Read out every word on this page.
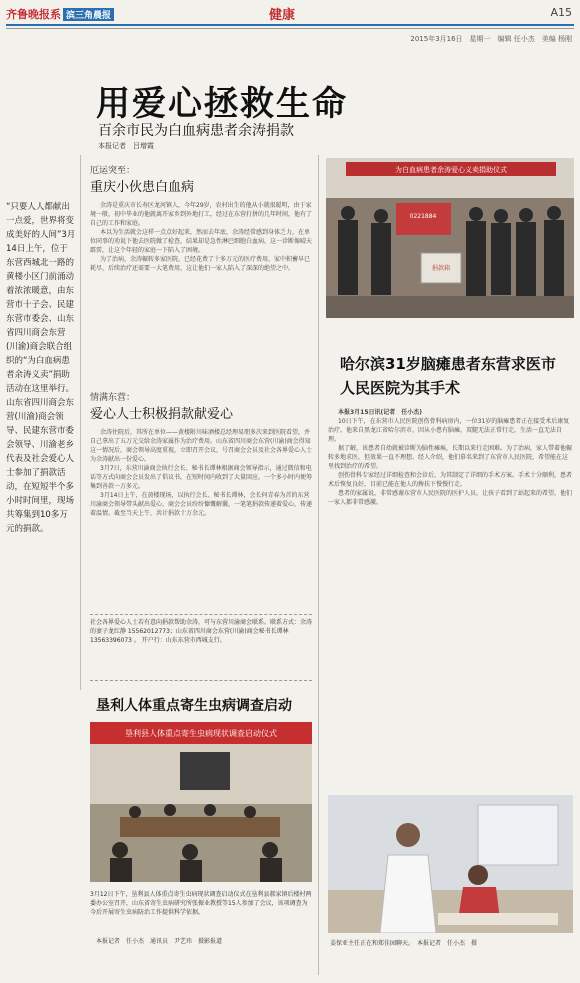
齐鲁晚报系 滨三角晨报	健康	A15
2015年3月16日　星期一　编辑 任小杰　美编 杨刚
用爱心拯救生命
百余市民为白血病患者余涛捐款
本报记者　吕增霞
“只要人人都献出一点爱，世界将变成美好的人间”3月14日上午，位于东营西城北一路的黄楼小区门前涌动着浓浓暖意，由东营市十子会、民建东营市委会、山东省四川商会东营(川渝)商会联合组织的“为白血病患者余涛义卖”捐助活动在这里举行。山东省四川商会东营(川渝)商会领导、民建东营市委会领导、川渝老乡代表及社会爱心人士参加了捐款活动，在短短半个多小时时间里，现场共筹集到10多万元的捐款。
厄运突至：
重庆小伙患白血病

余涛是重庆市长寿区龙河镇人，今年29岁，农村出生的他从小就很聪明，由于家境一般，初中毕业的他就离开家乡到外地打工，经过在东营打拼的几年时间，他有了自己的工作和家庭。

本以为生活就会这样一点点好起来，然而去年底，余涛经常感到身体乏力，在单位同事的劝说下他去医院做了检查，结果却是急性淋巴细胞白血病。这一诊断像晴天霹雳，让这个年轻的家庭一下陷入了困境。

为了治病，余涛辗转多家医院，已经花费了十多万元的医疗费用，家中积蓄早已耗尽，后续治疗还需要一大笔费用，这让他们一家人陷入了深深的绝望之中。

情满东营：
爱心人士积极捐款献爱心

余涛住院后，其所在单位——黄楼附川味酒楼总经理易朋多次来到医院看望，并自己拿出了五万元交给余涛家属作为治疗费用。山东省四川商会东营(川渝)商会得知这一情况后，商会领导高度重视，立即召开会议，号召商会会员及社会各界爱心人士为余涛献出一份爱心。

3月7日，东营川渝商会执行会长、秘书长谭林根据商会领导指示，通过微信和电话等方式向商会会员发出了倡议书，在短时间内收到了大量回应，一个多小时内便筹集到善款一万多元。

3月14日上午，在黄楼现场，以执行会长、秘书长谭林，会长何青春为首的东营川渝商会领导带头献出爱心，商会会员纷纷慷慨解囊，一笔笔捐款传递着爱心，传递着温情。截至当天上午，共计捐款十万余元。

社会各界爱心人士若有意向捐款帮助余涛，可与东营川渝商会联系。联系方式：余涛的妻子龙红静 15562012773；山东省四川商会东营(川渝)商会秘书长谭林 13563396073 。 开户行：山东东营市西城支行。
为白血病患者余涛爱心义卖捐助仪式
0221884
捐款箱
哈尔滨31岁脑瘫患者东营求医市人民医院为其手术

本报3月15日讯(记者　任小杰)

10日下午，在东营市人民医院创伤骨科病房内，一位31岁的脑瘫患者正在接受术后康复治疗。他来自黑龙江省哈尔滨市，因从小患有脑瘫，双腿无法正常行走，生活一直无法自理。

据了解，该患者自幼就被诊断为脑性瘫痪，长期以来行走困难。为了治病，家人带着他辗转多地求医，但效果一直不理想。经人介绍，他们慕名来到了东营市人民医院，希望能在这里找到治疗的希望。

创伤骨科专家经过详细检查和会诊后，为其制定了详细的手术方案。手术十分顺利，患者术后恢复良好，目前已能在他人的搀扶下慢慢行走。

患者的家属说，非常感谢东营市人民医院的医护人员，让孩子看到了站起来的希望，他们一家人都非常感激。

姜保亚主任正在和郑佳园聊天。　本报记者　任小杰　摄
垦利人体重点寄生虫病调查启动
垦利县人体重点寄生虫病现状调查启动仪式

3月12日下午，垦利县人体重点寄生虫病现状调查启动仪式在垦利县郝家镇后楼村两委办公室召开，山东省寄生虫病研究所张振业教授等15人参加了会议，该项调查为今后开展寄生虫病防治工作提供科学依据。

本报记者　任小杰　通讯员　尹艺玮　摄影报道
